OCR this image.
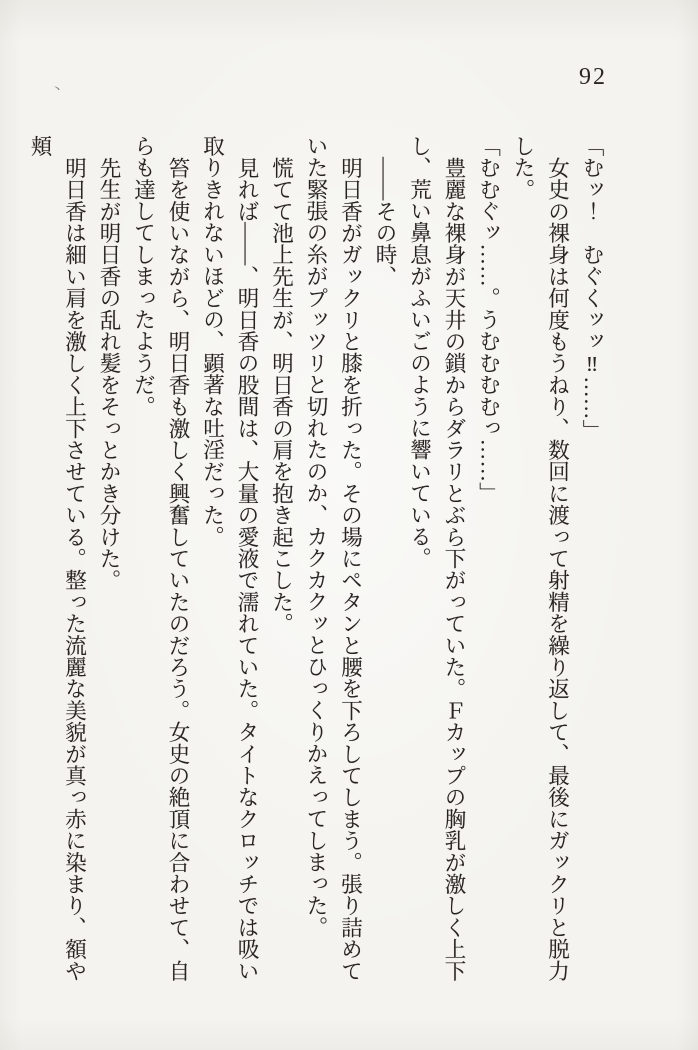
ヽ	92

「むッ！　むぐくッッ‼……」

女史の裸身は何度もうねり、数回に渡って射精を繰り返して、最後にガックリと脱力した。

「むむぐッ……。うむむむむっ……」

豊麗な裸身が天井の鎖からダラリとぶら下がっていた。Ｆカップの胸乳が激しく上下し、荒い鼻息がふいごのように響いている。

――その時、

明日香がガックリと膝を折った。その場にペタンと腰を下ろしてしまう。張り詰めていた緊張の糸がプッツリと切れたのか、カクカクッとひっくりかえってしまった。

慌てて池上先生が、明日香の肩を抱き起こした。

見れば――、明日香の股間は、大量の愛液で濡れていた。タイトなクロッチでは吸い取りきれないほどの、顕著な吐淫だった。

笞を使いながら、明日香も激しく興奮していたのだろう。女史の絶頂に合わせて、自らも達してしまったようだ。

先生が明日香の乱れ髪をそっとかき分けた。

明日香は細い肩を激しく上下させている。整った流麗な美貌が真っ赤に染まり、額や頬
